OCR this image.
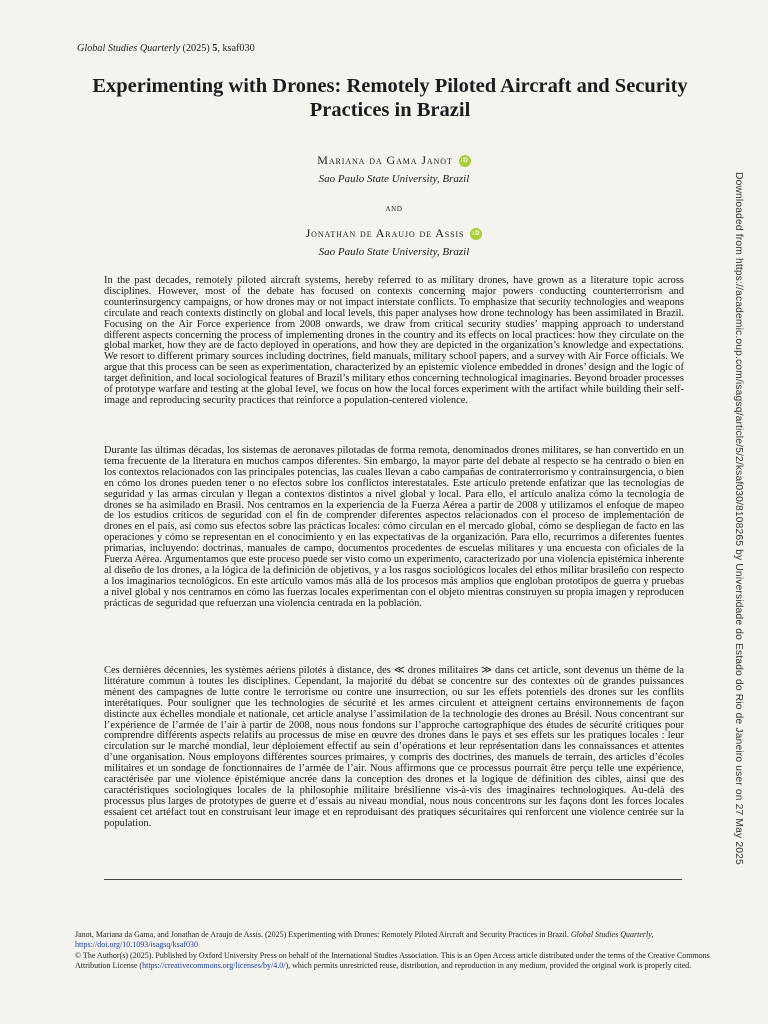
Global Studies Quarterly (2025) 5, ksaf030
Experimenting with Drones: Remotely Piloted Aircraft and Security Practices in Brazil
Mariana da Gama Janot	iD
Sao Paulo State University, Brazil
and
Jonathan de Araujo de Assis	iD
Sao Paulo State University, Brazil

In the past decades, remotely piloted aircraft systems, hereby referred to as military drones, have grown as a literature topic across disciplines. However, most of the debate has focused on contexts concerning major powers conducting counterterrorism and counterinsurgency campaigns, or how drones may or not impact interstate conflicts. To emphasize that security technologies and weapons circulate and reach contexts distinctly on global and local levels, this paper analyses how drone technology has been assimilated in Brazil. Focusing on the Air Force experience from 2008 onwards, we draw from critical security studies’ mapping approach to understand different aspects concerning the process of implementing drones in the country and its effects on local practices: how they circulate on the global market, how they are de facto deployed in operations, and how they are depicted in the organization’s knowledge and expectations. We resort to different primary sources including doctrines, field manuals, military school papers, and a survey with Air Force officials. We argue that this process can be seen as experimentation, characterized by an epistemic violence embedded in drones’ design and the logic of target definition, and local sociological features of Brazil’s military ethos concerning technological imaginaries. Beyond broader processes of prototype warfare and testing at the global level, we focus on how the local forces experiment with the artifact while building their self-image and reproducing security practices that reinforce a population-centered violence.

Durante las últimas décadas, los sistemas de aeronaves pilotadas de forma remota, denominados drones militares, se han convertido en un tema frecuente de la literatura en muchos campos diferentes. Sin embargo, la mayor parte del debate al respecto se ha centrado o bien en los contextos relacionados con las principales potencias, las cuales llevan a cabo campañas de contraterrorismo y contrainsurgencia, o bien en cómo los drones pueden tener o no efectos sobre los conflictos interestatales. Este artículo pretende enfatizar que las tecnologías de seguridad y las armas circulan y llegan a contextos distintos a nivel global y local. Para ello, el artículo analiza cómo la tecnología de drones se ha asimilado en Brasil. Nos centramos en la experiencia de la Fuerza Aérea a partir de 2008 y utilizamos el enfoque de mapeo de los estudios críticos de seguridad con el fin de comprender diferentes aspectos relacionados con el proceso de implementación de drones en el país, así como sus efectos sobre las prácticas locales: cómo circulan en el mercado global, cómo se despliegan de facto en las operaciones y cómo se representan en el conocimiento y en las expectativas de la organización. Para ello, recurrimos a diferentes fuentes primarias, incluyendo: doctrinas, manuales de campo, documentos procedentes de escuelas militares y una encuesta con oficiales de la Fuerza Aérea. Argumentamos que este proceso puede ser visto como un experimento, caracterizado por una violencia epistémica inherente al diseño de los drones, a la lógica de la definición de objetivos, y a los rasgos sociológicos locales del ethos militar brasileño con respecto a los imaginarios tecnológicos. En este artículo vamos más allá de los procesos más amplios que engloban prototipos de guerra y pruebas a nivel global y nos centramos en cómo las fuerzas locales experimentan con el objeto mientras construyen su propia imagen y reproducen prácticas de seguridad que refuerzan una violencia centrada en la población.

Ces dernières décennies, les systèmes aériens pilotés à distance, des ≪ drones militaires ≫ dans cet article, sont devenus un thème de la littérature commun à toutes les disciplines. Cependant, la majorité du débat se concentre sur des contextes où de grandes puissances mènent des campagnes de lutte contre le terrorisme ou contre une insurrection, ou sur les effets potentiels des drones sur les conflits interétatiques. Pour souligner que les technologies de sécurité et les armes circulent et atteignent certains environnements de façon distincte aux échelles mondiale et nationale, cet article analyse l’assimilation de la technologie des drones au Brésil. Nous concentrant sur l’expérience de l’armée de l’air à partir de 2008, nous nous fondons sur l’approche cartographique des études de sécurité critiques pour comprendre différents aspects relatifs au processus de mise en œuvre des drones dans le pays et ses effets sur les pratiques locales : leur circulation sur le marché mondial, leur déploiement effectif au sein d’opérations et leur représentation dans les connaissances et attentes d’une organisation. Nous employons différentes sources primaires, y compris des doctrines, des manuels de terrain, des articles d’écoles militaires et un sondage de fonctionnaires de l’armée de l’air. Nous affirmons que ce processus pourrait être perçu telle une expérience, caractérisée par une violence épistémique ancrée dans la conception des drones et la logique de définition des cibles, ainsi que des caractéristiques sociologiques locales de la philosophie militaire brésilienne vis-à-vis des imaginaires technologiques. Au-delà des processus plus larges de prototypes de guerre et d’essais au niveau mondial, nous nous concentrons sur les façons dont les forces locales essaient cet artéfact tout en construisant leur image et en reproduisant des pratiques sécuritaires qui renforcent une violence centrée sur la population.

Janot, Mariana da Gama, and Jonathan de Araujo de Assis. (2025) Experimenting with Drones: Remotely Piloted Aircraft and Security Practices in Brazil. Global Studies Quarterly,
https://doi.org/10.1093/isagsq/ksaf030

© The Author(s) (2025). Published by Oxford University Press on behalf of the International Studies Association. This is an Open Access article distributed under the terms of the Creative Commons Attribution License (https://creativecommons.org/licenses/by/4.0/), which permits unrestricted reuse, distribution, and reproduction in any medium, provided the original work is properly cited.

Downloaded from https://academic.oup.com/isagsq/article/5/2/ksaf030/8108265 by Universidade do Estado do Rio de Janeiro user on 27 May 2025
